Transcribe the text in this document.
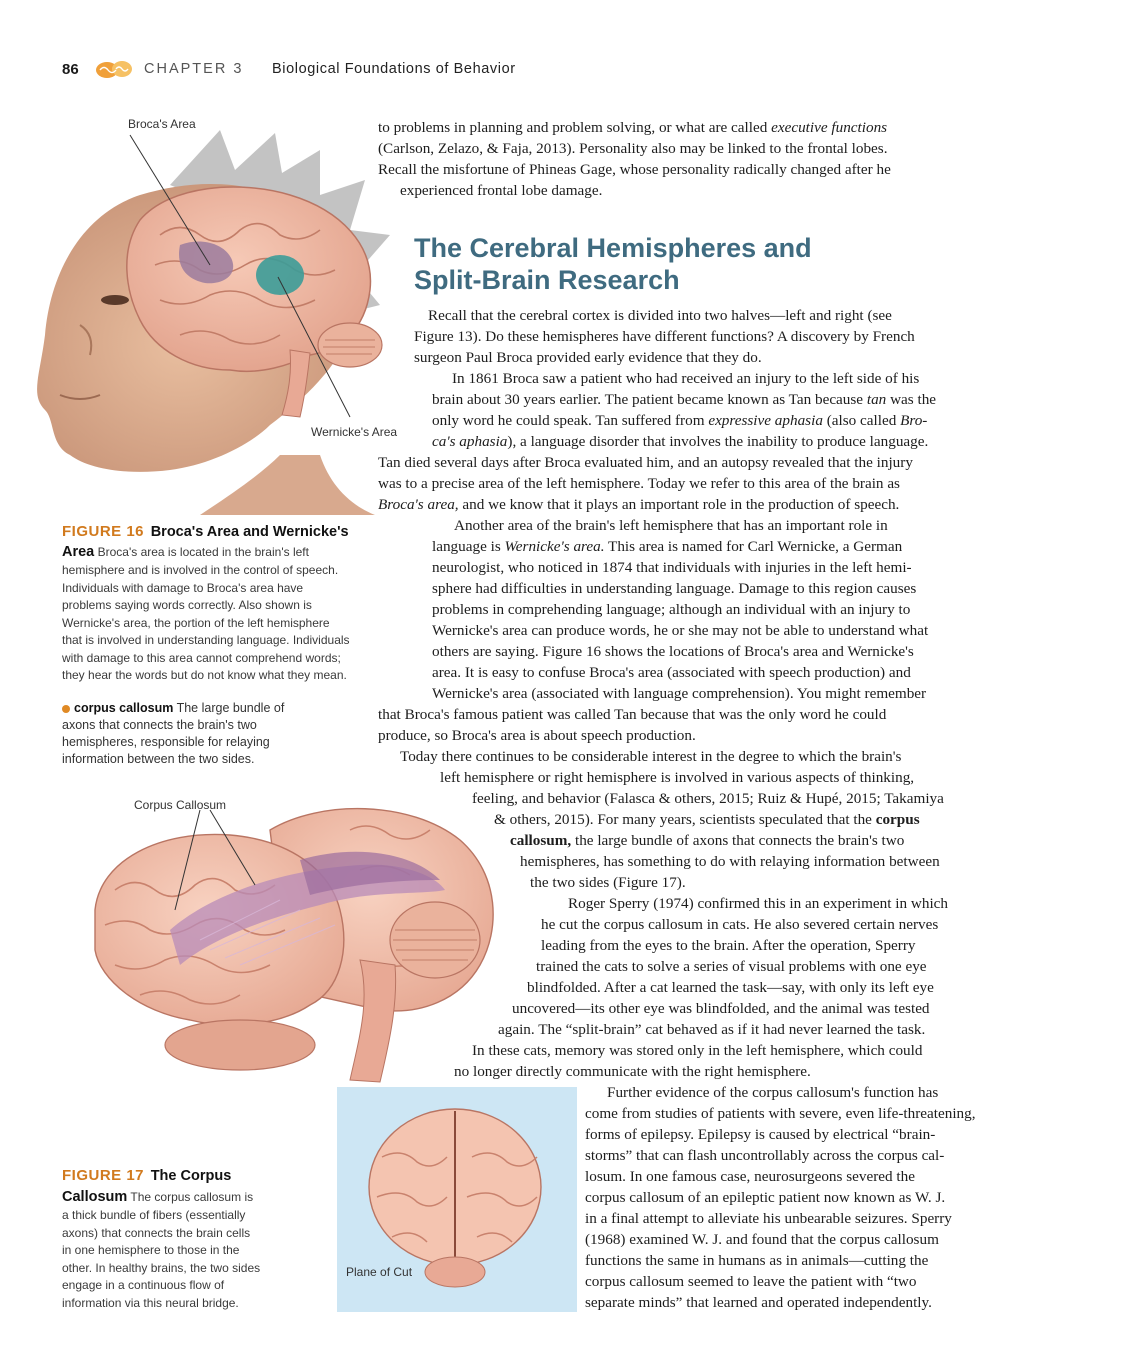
86	CHAPTER 3 Biological Foundations of Behavior
Broca's Area
Wernicke's Area
FIGURE 16 Broca's Area and Wernicke's
Area Broca's area is located in the brain's left
hemisphere and is involved in the control of speech.
Individuals with damage to Broca's area have
problems saying words correctly. Also shown is
Wernicke's area, the portion of the left hemisphere
that is involved in understanding language. Individuals
with damage to this area cannot comprehend words;
they hear the words but do not know what they mean.
corpus callosum The large bundle of
axons that connects the brain's two
hemispheres, responsible for relaying
information between the two sides.
Corpus Callosum
Plane of Cut
FIGURE 17 The Corpus
Callosum The corpus callosum is
a thick bundle of fibers (essentially
axons) that connects the brain cells
in one hemisphere to those in the
other. In healthy brains, the two sides
engage in a continuous flow of
information via this neural bridge.
to problems in planning and problem solving, or what are called executive functions
(Carlson, Zelazo, & Faja, 2013). Personality also may be linked to the frontal lobes.
Recall the misfortune of Phineas Gage, whose personality radically changed after he
experienced frontal lobe damage.
The Cerebral Hemispheres and
Split-Brain Research
Recall that the cerebral cortex is divided into two halves—left and right (see
Figure 13). Do these hemispheres have different functions? A discovery by French
surgeon Paul Broca provided early evidence that they do.
In 1861 Broca saw a patient who had received an injury to the left side of his
brain about 30 years earlier. The patient became known as Tan because tan was the
only word he could speak. Tan suffered from expressive aphasia (also called Bro-
ca's aphasia), a language disorder that involves the inability to produce language.
Tan died several days after Broca evaluated him, and an autopsy revealed that the injury
was to a precise area of the left hemisphere. Today we refer to this area of the brain as
Broca's area, and we know that it plays an important role in the production of speech.
Another area of the brain's left hemisphere that has an important role in
language is Wernicke's area. This area is named for Carl Wernicke, a German
neurologist, who noticed in 1874 that individuals with injuries in the left hemi-
sphere had difficulties in understanding language. Damage to this region causes
problems in comprehending language; although an individual with an injury to
Wernicke's area can produce words, he or she may not be able to understand what
others are saying. Figure 16 shows the locations of Broca's area and Wernicke's
area. It is easy to confuse Broca's area (associated with speech production) and
Wernicke's area (associated with language comprehension). You might remember
that Broca's famous patient was called Tan because that was the only word he could
produce, so Broca's area is about speech production.
Today there continues to be considerable interest in the degree to which the brain's
left hemisphere or right hemisphere is involved in various aspects of thinking,
feeling, and behavior (Falasca & others, 2015; Ruiz & Hupé, 2015; Takamiya
& others, 2015). For many years, scientists speculated that the corpus
callosum, the large bundle of axons that connects the brain's two
hemispheres, has something to do with relaying information between
the two sides (Figure 17).
Roger Sperry (1974) confirmed this in an experiment in which
he cut the corpus callosum in cats. He also severed certain nerves
leading from the eyes to the brain. After the operation, Sperry
trained the cats to solve a series of visual problems with one eye
blindfolded. After a cat learned the task—say, with only its left eye
uncovered—its other eye was blindfolded, and the animal was tested
again. The “split-brain” cat behaved as if it had never learned the task.
In these cats, memory was stored only in the left hemisphere, which could
no longer directly communicate with the right hemisphere.
Further evidence of the corpus callosum's function has
come from studies of patients with severe, even life-threatening,
forms of epilepsy. Epilepsy is caused by electrical “brain-
storms” that can flash uncontrollably across the corpus cal-
losum. In one famous case, neurosurgeons severed the
corpus callosum of an epileptic patient now known as W. J.
in a final attempt to alleviate his unbearable seizures. Sperry
(1968) examined W. J. and found that the corpus callosum
functions the same in humans as in animals—cutting the
corpus callosum seemed to leave the patient with “two
separate minds” that learned and operated independently.
